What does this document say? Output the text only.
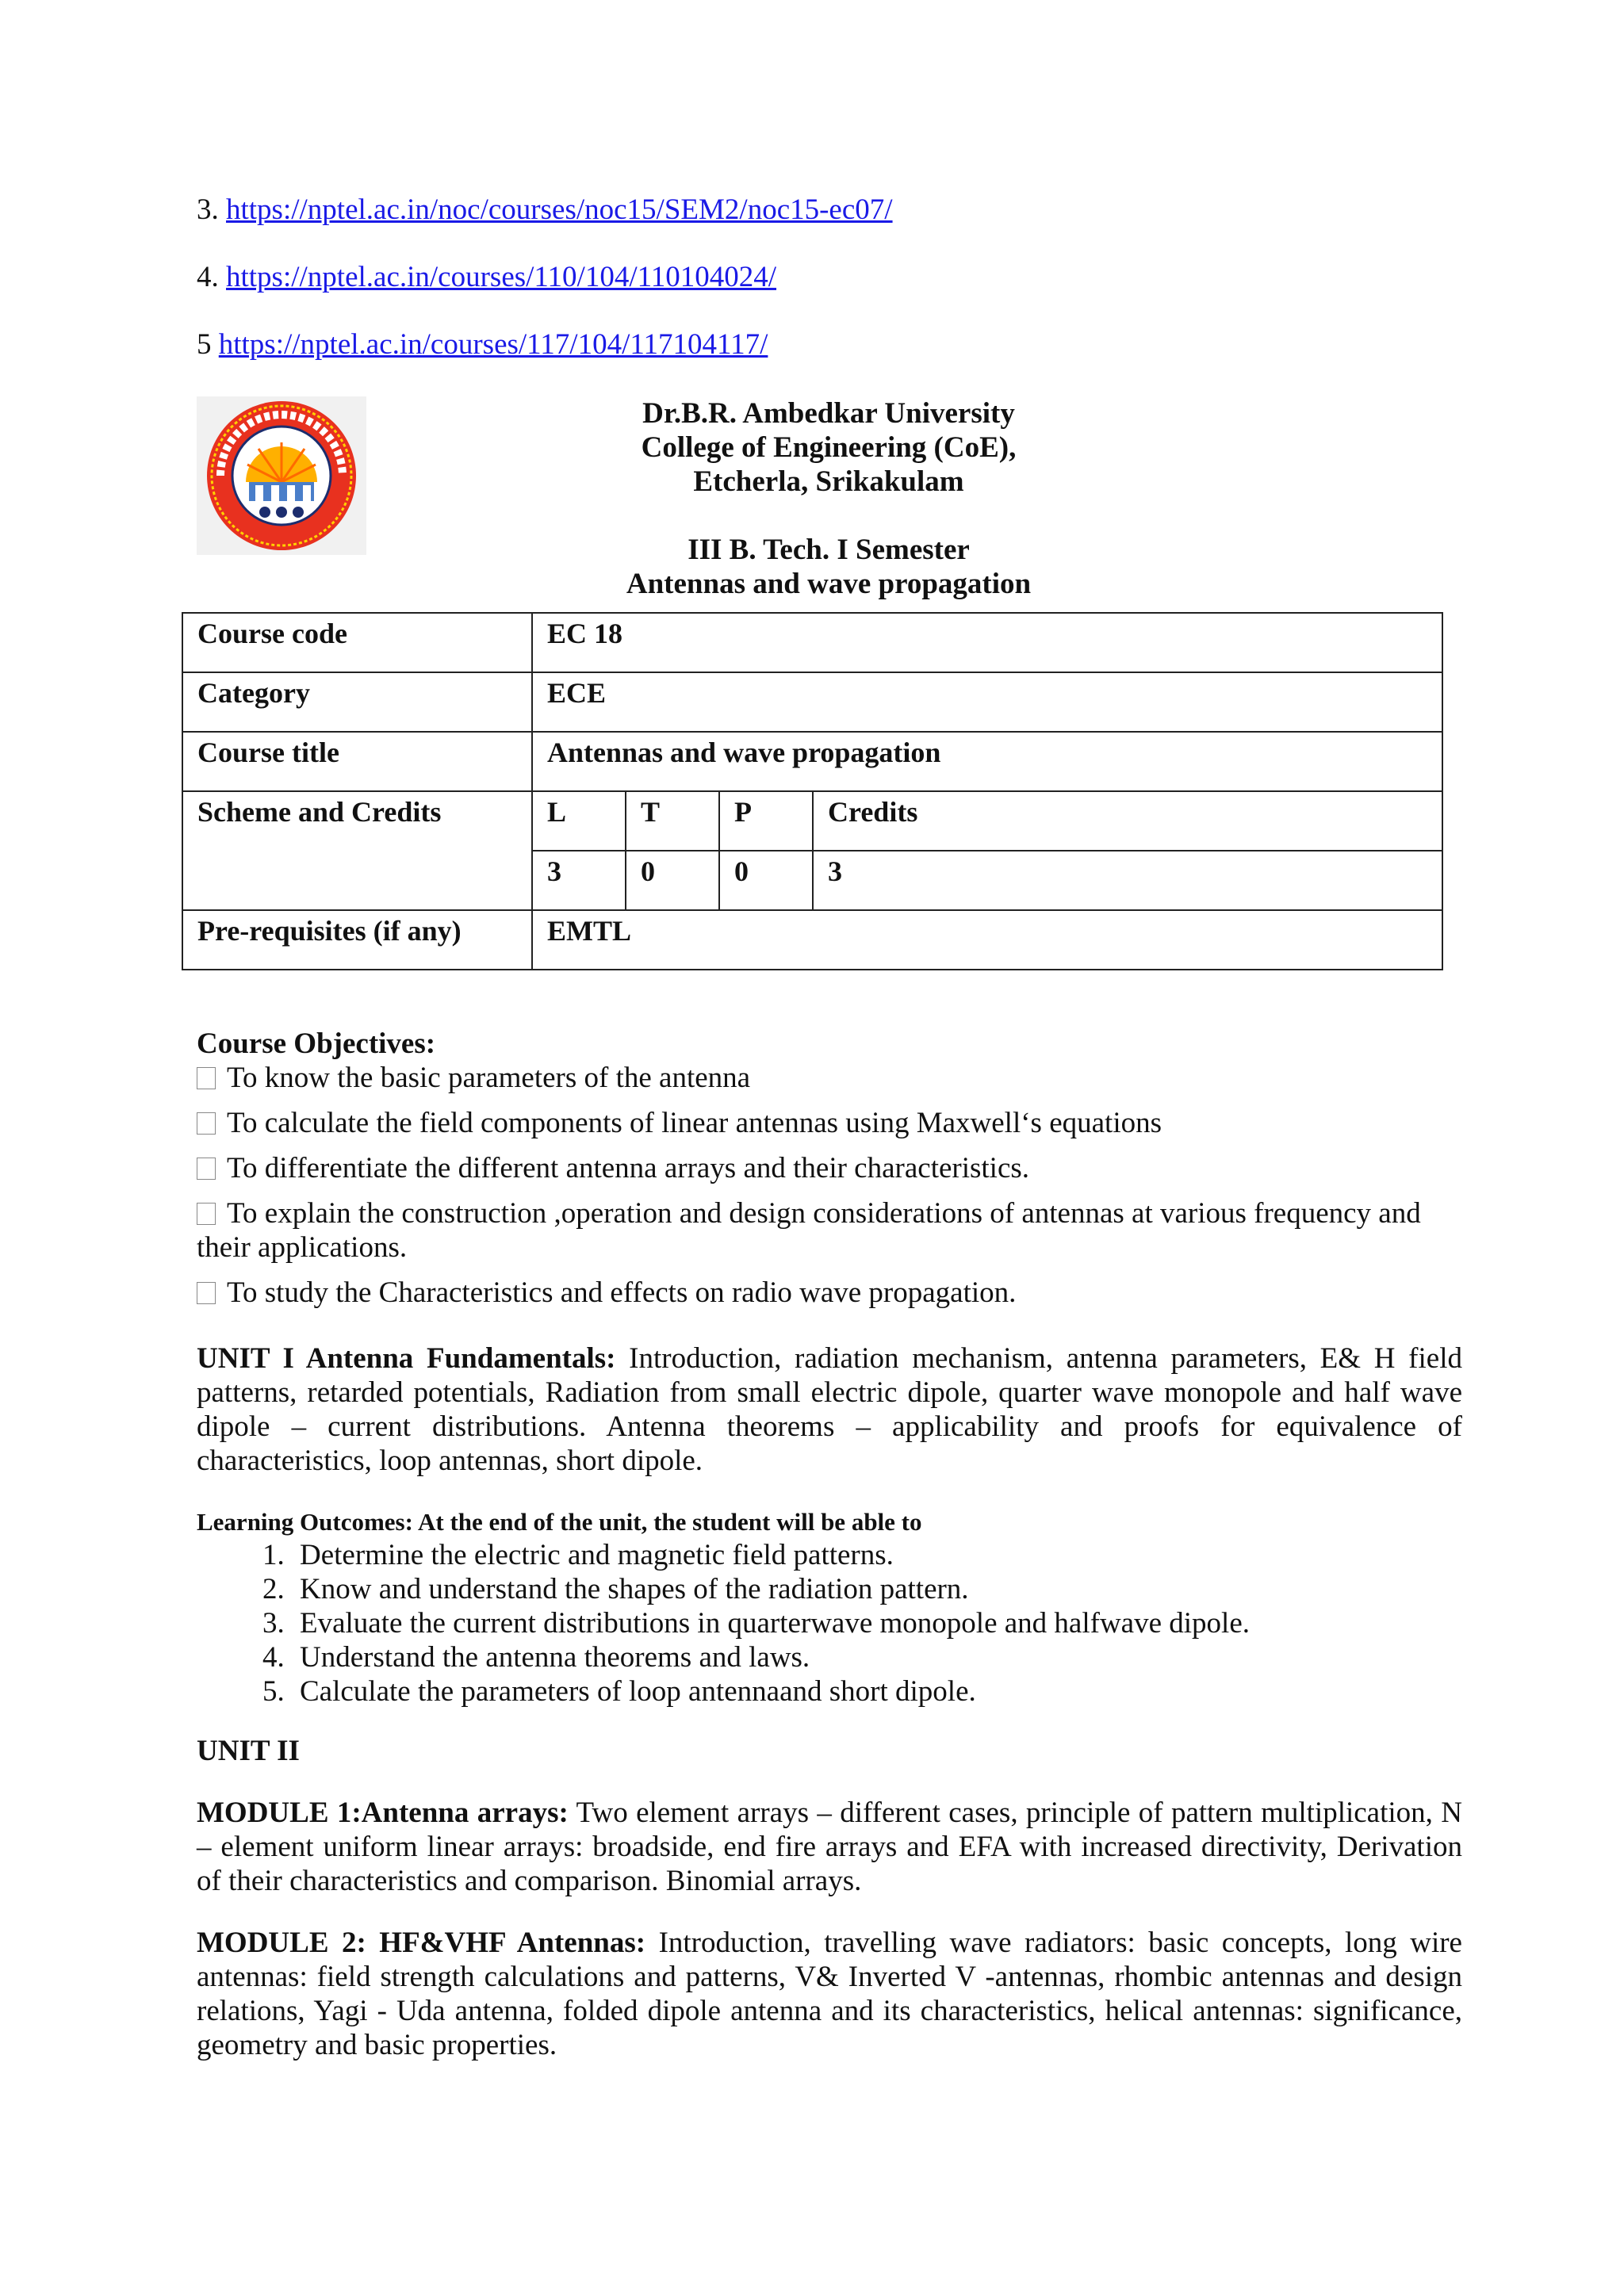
3. https://nptel.ac.in/noc/courses/noc15/SEM2/noc15-ec07/
4. https://nptel.ac.in/courses/110/104/110104024/
5 https://nptel.ac.in/courses/117/104/117104117/
Dr.B.R. Ambedkar University
College of Engineering (CoE),
Etcherla, Srikakulam
III B. Tech. I Semester
Antennas and wave propagation
Course code	EC 18			
Category	ECE			
Course title	Antennas and wave propagation			
Scheme and Credits	L	T	P	Credits
	3	0	0	3
Pre-requisites (if any)	EMTL			
Course Objectives:
To know the basic parameters of the antenna
To calculate the field components of linear antennas using Maxwell‘s equations
To differentiate the different antenna arrays and their characteristics.
To explain the construction ,operation and design considerations of antennas at various frequency and their applications.
To study the Characteristics and effects on radio wave propagation.
UNIT I Antenna Fundamentals: Introduction, radiation mechanism, antenna parameters, E& H field patterns, retarded potentials, Radiation from small electric dipole, quarter wave monopole and half wave dipole – current distributions. Antenna theorems – applicability and proofs for equivalence of characteristics, loop antennas, short dipole.
Learning Outcomes: At the end of the unit, the student will be able to
1. Determine the electric and magnetic field patterns.
2. Know and understand the shapes of the radiation pattern.
3. Evaluate the current distributions in quarterwave monopole and halfwave dipole.
4. Understand the antenna theorems and laws.
5. Calculate the parameters of loop antennaand short dipole.
UNIT II
MODULE 1:Antenna arrays: Two element arrays – different cases, principle of pattern multiplication, N – element uniform linear arrays: broadside, end fire arrays and EFA with increased directivity, Derivation of their characteristics and comparison. Binomial arrays.
MODULE 2: HF&VHF Antennas: Introduction, travelling wave radiators: basic concepts, long wire antennas: field strength calculations and patterns, V& Inverted V -antennas, rhombic antennas and design relations, Yagi - Uda antenna, folded dipole antenna and its characteristics, helical antennas: significance, geometry and basic properties.
